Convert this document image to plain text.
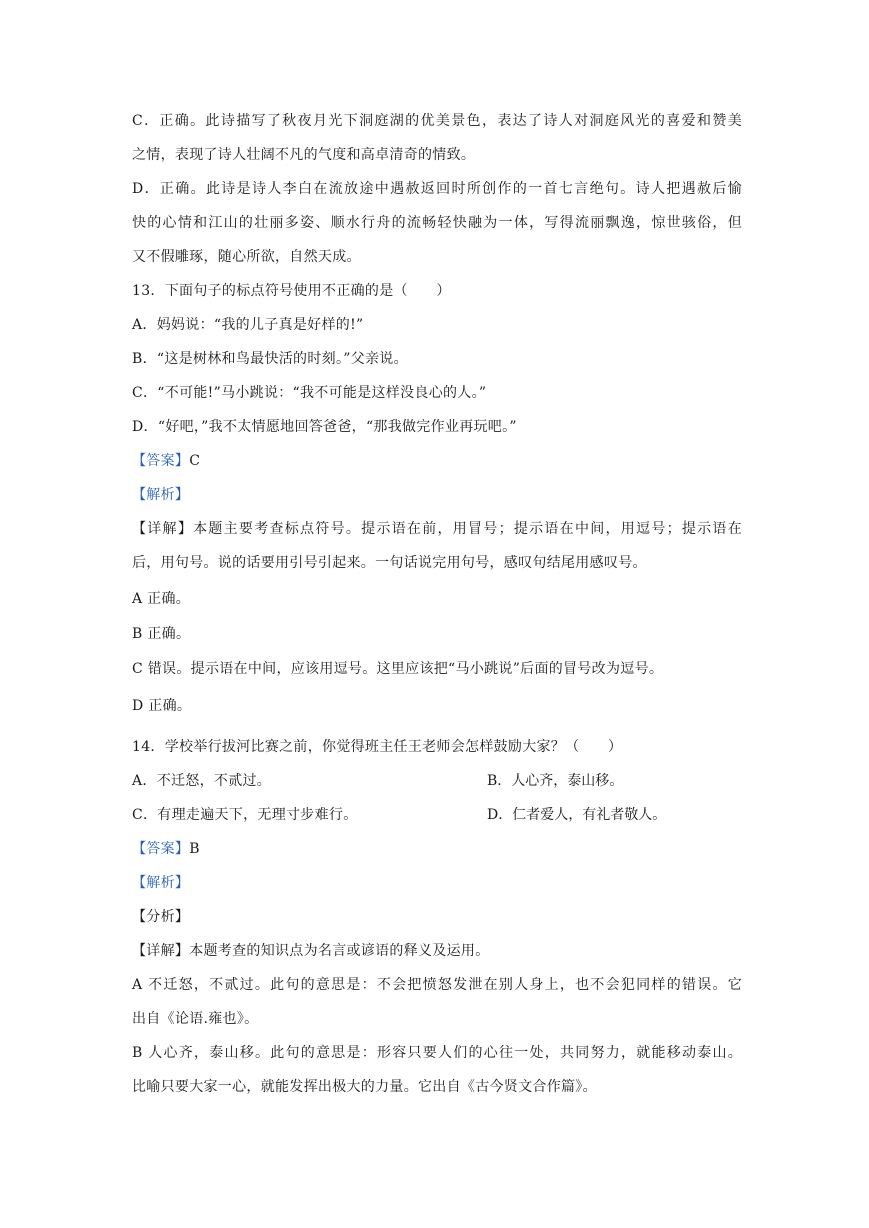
C．正确。此诗描写了秋夜月光下洞庭湖的优美景色，表达了诗人对洞庭风光的喜爱和赞美
之情，表现了诗人壮阔不凡的气度和高卓清奇的情致。
D．正确。此诗是诗人李白在流放途中遇赦返回时所创作的一首七言绝句。诗人把遇赦后愉
快的心情和江山的壮丽多姿、顺水行舟的流畅轻快融为一体，写得流丽飘逸，惊世骇俗，但
又不假雕琢，随心所欲，自然天成。
13．下面句子的标点符号使用不正确的是（　　）
A．妈妈说：“我的儿子真是好样的!”
B．“这是树林和鸟最快活的时刻。”父亲说。
C．“不可能!”马小跳说：“我不可能是这样没良心的人。”
D．“好吧，”我不太情愿地回答爸爸，“那我做完作业再玩吧。”
【答案】C
【解析】
【详解】本题主要考查标点符号。提示语在前，用冒号；提示语在中间，用逗号；提示语在
后，用句号。说的话要用引号引起来。一句话说完用句号，感叹句结尾用感叹号。
A 正确。
B 正确。
C 错误。提示语在中间，应该用逗号。这里应该把“马小跳说”后面的冒号改为逗号。
D 正确。
14．学校举行拔河比赛之前，你觉得班主任王老师会怎样鼓励大家？（　　）
A．不迁怒，不贰过。	B．人心齐，泰山移。
C．有理走遍天下，无理寸步难行。	D．仁者爱人，有礼者敬人。
【答案】B
【解析】
【分析】
【详解】本题考查的知识点为名言或谚语的释义及运用。
A 不迁怒，不贰过。此句的意思是：不会把愤怒发泄在别人身上，也不会犯同样的错误。它
出自《论语.雍也》。
B 人心齐，泰山移。此句的意思是：形容只要人们的心往一处，共同努力，就能移动泰山。
比喻只要大家一心，就能发挥出极大的力量。它出自《古今贤文合作篇》。
